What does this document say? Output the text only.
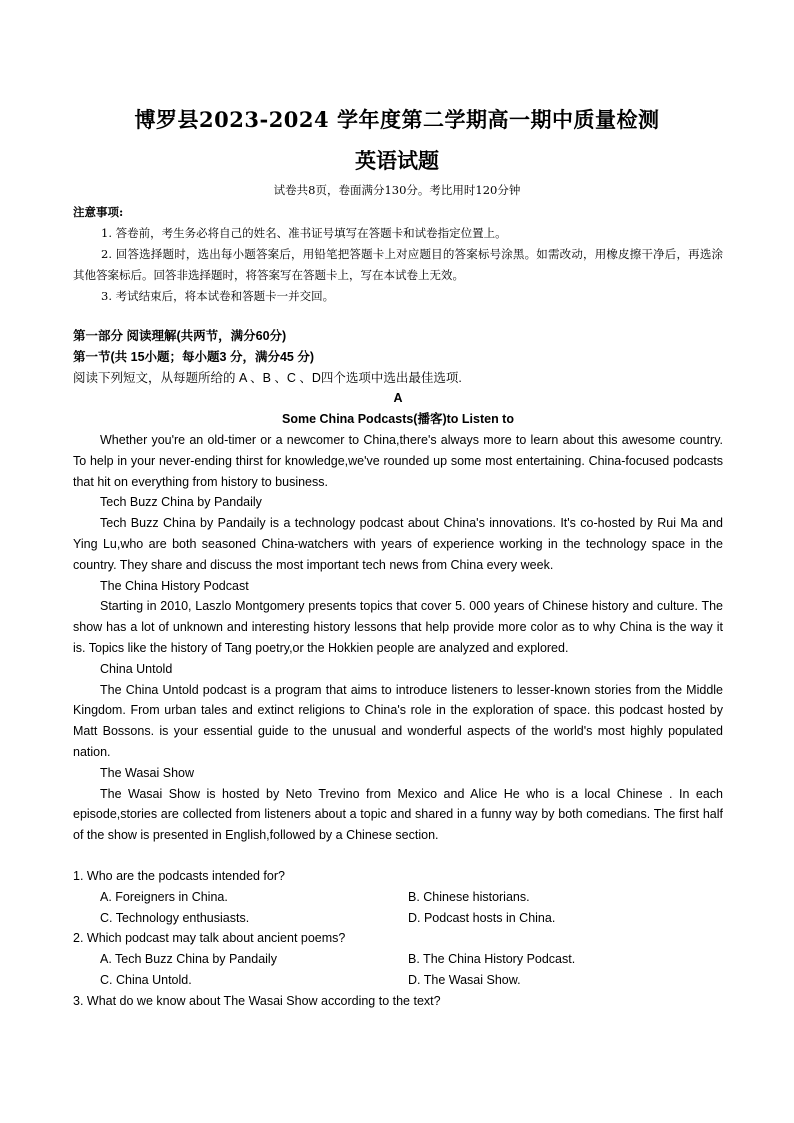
博罗县2023-2024 学年度第二学期高一期中质量检测
英语试题
试卷共8页，卷面满分130分。考比用时120分钟
注意事项:
1. 答卷前，考生务必将自己的姓名、准书证号填写在答题卡和试卷指定位置上。
2. 回答选择题时，选出每小题答案后，用铅笔把答题卡上对应题目的答案标号涂黑。如需改动，用橡皮擦干净后，再选涂其他答案标后。回答非选择题时，将答案写在答题卡上，写在本试卷上无效。
3. 考试结束后，将本试卷和答题卡一并交回。
第一部分 阅读理解(共两节，满分60分)
第一节(共 15小题；每小题3 分，满分45 分)
阅读下列短文，从每题所给的 A 、B 、C 、D四个选项中选出最佳选项.
A
Some China Podcasts(播客)to Listen to

Whether you're an old-timer or a newcomer to China,there's always more to learn about this awesome country. To help in your never-ending thirst for knowledge,we've rounded up some most entertaining. China-focused podcasts that hit on everything from history to business.

Tech Buzz China by Pandaily

Tech Buzz China by Pandaily is a technology podcast about China's innovations. It's co-hosted by Rui Ma and Ying Lu,who are both seasoned China-watchers with years of experience working in the technology space in the country. They share and discuss the most important tech news from China every week.

The China History Podcast

Starting in 2010, Laszlo Montgomery presents topics that cover 5. 000 years of Chinese history and culture. The show has a lot of unknown and interesting history lessons that help provide more color as to why China is the way it is. Topics like the history of Tang poetry,or the Hokkien people are analyzed and explored.

China Untold

The China Untold podcast is a program that aims to introduce listeners to lesser-known stories from the Middle Kingdom. From urban tales and extinct religions to China's role in the exploration of space. this podcast hosted by Matt Bossons. is your essential guide to the unusual and wonderful aspects of the world's most highly populated nation.

The Wasai Show

The Wasai Show is hosted by Neto Trevino from Mexico and Alice He who is a local Chinese . In each episode,stories are collected from listeners about a topic and shared in a funny way by both comedians. The first half of the show is presented in English,followed by a Chinese section.

1. Who are the podcasts intended for?
A. Foreigners in China.	B. Chinese historians.
C. Technology enthusiasts.	D. Podcast hosts in China.
2. Which podcast may talk about ancient poems?
A. Tech Buzz China by Pandaily	B. The China History Podcast.
C. China Untold.	D. The Wasai Show.
3. What do we know about The Wasai Show according to the text?
